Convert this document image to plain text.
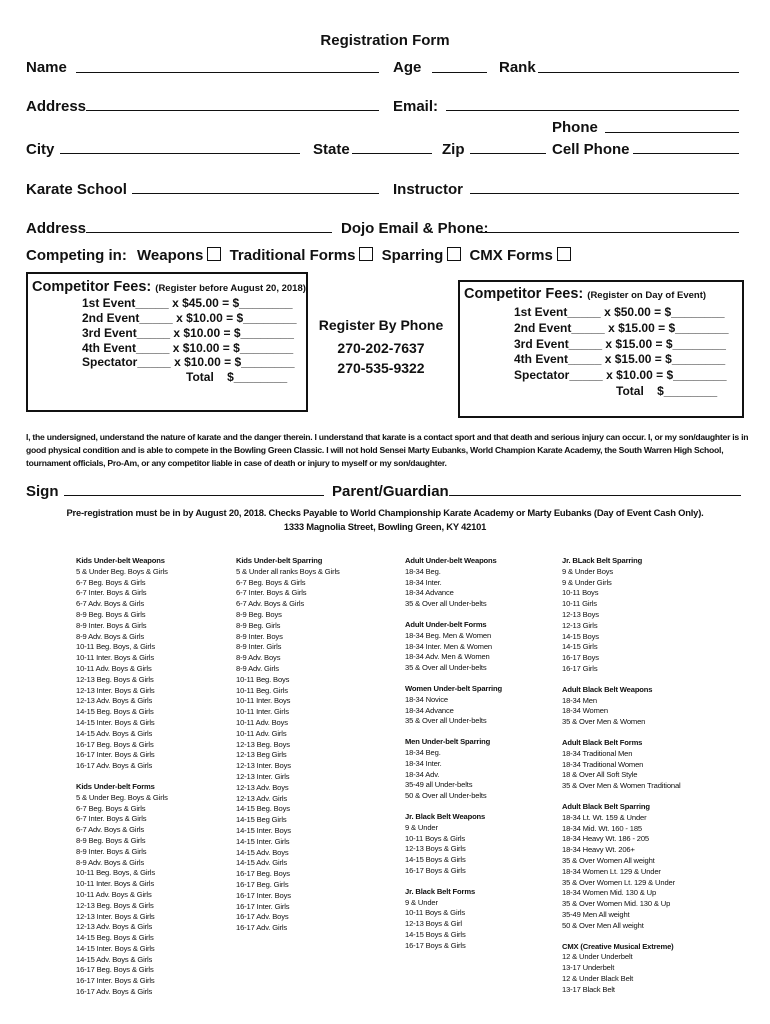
Registration Form
Name	Age	Rank
Address	Email:
Phone
City	State	Zip	Cell Phone
Karate School	Instructor
Address	Dojo Email & Phone:
Competing in: Weapons Traditional Forms Sparring CMX Forms
Competitor Fees: (Register before August 20, 2018)
1st Event_____ x $45.00 = $________
2nd Event_____ x $10.00 = $________
3rd Event_____ x $10.00 = $________
4th Event_____ x $10.00 = $________
Spectator_____ x $10.00 = $________
Total $________
Register By Phone
270-202-7637
270-535-9322
Competitor Fees: (Register on Day of Event)
1st Event_____ x $50.00 = $________
2nd Event_____ x $15.00 = $________
3rd Event_____ x $15.00 = $________
4th Event_____ x $15.00 = $________
Spectator_____ x $10.00 = $________
Total $________
I, the undersigned, understand the nature of karate and the danger therein. I understand that karate is a contact sport and that death and serious injury can occur. I, or my son/daughter is in good physical condition and is able to compete in the Bowling Green Classic. I will not hold Sensei Marty Eubanks, World Champion Karate Academy, the South Warren High School, tournament officials, Pro-Am, or any competitor liable in case of death or injury to myself or my son/daughter.
Sign	Parent/Guardian
Pre-registration must be in by August 20, 2018. Checks Payable to World Championship Karate Academy or Marty Eubanks (Day of Event Cash Only).
1333 Magnolia Street, Bowling Green, KY 42101
Kids Under-belt Weapons
5 & Under Beg. Boys & Girls
6-7 Beg. Boys & Girls
6-7 Inter. Boys & Girls
6-7 Adv. Boys & Girls
8-9 Beg. Boys & Girls
8-9 Inter. Boys & Girls
8-9 Adv. Boys & Girls
10-11 Beg. Boys, & Girls
10-11 Inter. Boys & Girls
10-11 Adv. Boys & Girls
12-13 Beg. Boys & Girls
12-13 Inter. Boys & Girls
12-13 Adv. Boys & Girls
14-15 Beg. Boys & Girls
14-15 Inter. Boys & Girls
14-15 Adv. Boys & Girls
16-17 Beg. Boys & Girls
16-17 Inter. Boys & Girls
16-17 Adv. Boys & Girls
Kids Under-belt Forms
5 & Under Beg. Boys & Girls
6-7 Beg. Boys & Girls
6-7 Inter. Boys & Girls
6-7 Adv. Boys & Girls
8-9 Beg. Boys & Girls
8-9 Inter. Boys & Girls
8-9 Adv. Boys & Girls
10-11 Beg. Boys, & Girls
10-11 Inter. Boys & Girls
10-11 Adv. Boys & Girls
12-13 Beg. Boys & Girls
12-13 Inter. Boys & Girls
12-13 Adv. Boys & Girls
14-15 Beg. Boys & Girls
14-15 Inter. Boys & Girls
14-15 Adv. Boys & Girls
16-17 Beg. Boys & Girls
16-17 Inter. Boys & Girls
16-17 Adv. Boys & Girls
Kids Under-belt Sparring
5 & Under all ranks Boys & Girls
6-7 Beg. Boys & Girls
6-7 Inter. Boys & Girls
6-7 Adv. Boys & Girls
8-9 Beg. Boys
8-9 Beg. Girls
8-9 Inter. Boys
8-9 Inter. Girls
8-9 Adv. Boys
8-9 Adv. Girls
10-11 Beg. Boys
10-11 Beg. Girls
10-11 Inter. Boys
10-11 Inter. Girls
10-11 Adv. Boys
10-11 Adv. Girls
12-13 Beg. Boys
12-13 Beg Girls
12-13 Inter. Boys
12-13 Inter. Girls
12-13 Adv. Boys
12-13 Adv. Girls
14-15 Beg. Boys
14-15 Beg Girls
14-15 Inter. Boys
14-15 Inter. Girls
14-15 Adv. Boys
14-15 Adv. Girls
16-17 Beg. Boys
16-17 Beg. Girls
16-17 Inter. Boys
16-17 Inter. Girls
16-17 Adv. Boys
16-17 Adv. Girls
Adult Under-belt Weapons
18-34 Beg.
18-34 Inter.
18-34 Advance
35 & Over all Under-belts
Adult Under-belt Forms
18-34 Beg. Men & Women
18-34 Inter. Men & Women
18-34 Adv. Men & Women
35 & Over all Under-belts
Women Under-belt Sparring
18-34 Novice
18-34 Advance
35 & Over all Under-belts
Men Under-belt Sparring
18-34 Beg.
18-34 Inter.
18-34 Adv.
35-49 all Under-belts
50 & Over all Under-belts
Jr. Black Belt Weapons
9 & Under
10-11 Boys & Girls
12-13 Boys & Girls
14-15 Boys & Girls
16-17 Boys & Girls
Jr. Black Belt Forms
9 & Under
10-11 Boys & Girls
12-13 Boys & Girl
14-15 Boys & Girls
16-17 Boys & Girls
Jr. BLack Belt Sparring
9 & Under Boys
9 & Under Girls
10-11 Boys
10-11 Girls
12-13 Boys
12-13 Girls
14-15 Boys
14-15 Girls
16-17 Boys
16-17 Girls
Adult Black Belt Weapons
18-34 Men
18-34 Women
35 & Over Men & Women
Adult Black Belt Forms
18-34 Traditional Men
18-34 Traditional Women
18 & Over All Soft Style
35 & Over Men & Women Traditional
Adult Black Belt Sparring
18-34 Lt. Wt. 159 & Under
18-34 Mid. Wt. 160 - 185
18-34 Heavy Wt. 186 - 205
18-34 Heavy Wt. 206+
35 & Over Women All weight
18-34 Women Lt. 129 & Under
35 & Over Women Lt. 129 & Under
18-34 Women Mid. 130 & Up
35 & Over Women Mid. 130 & Up
35-49 Men All weight
50 & Over Men All weight
CMX (Creative Musical Extreme)
12 & Under Underbelt
13-17 Underbelt
12 & Under Black Belt
13-17 Black Belt
